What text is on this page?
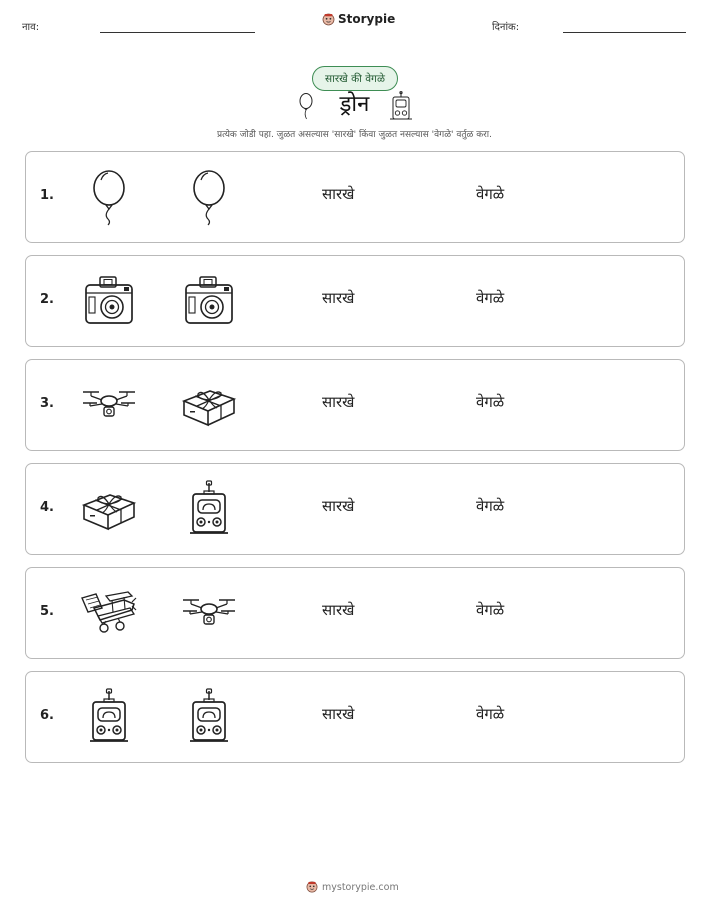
नाव:
Storypie
दिनांक:
सारखे की वेगळे
ड्रोन
प्रत्येक जोडी पहा. जुळत असल्यास 'सारखे' किंवा जुळत नसल्यास 'वेगळे' वर्तुळ करा.
1.	सारखे	वेगळे
2.	सारखे	वेगळे
3.	सारखे	वेगळे
4.	सारखे	वेगळे
5.	सारखे	वेगळे
6.	सारखे	वेगळे
mystorypie.com
